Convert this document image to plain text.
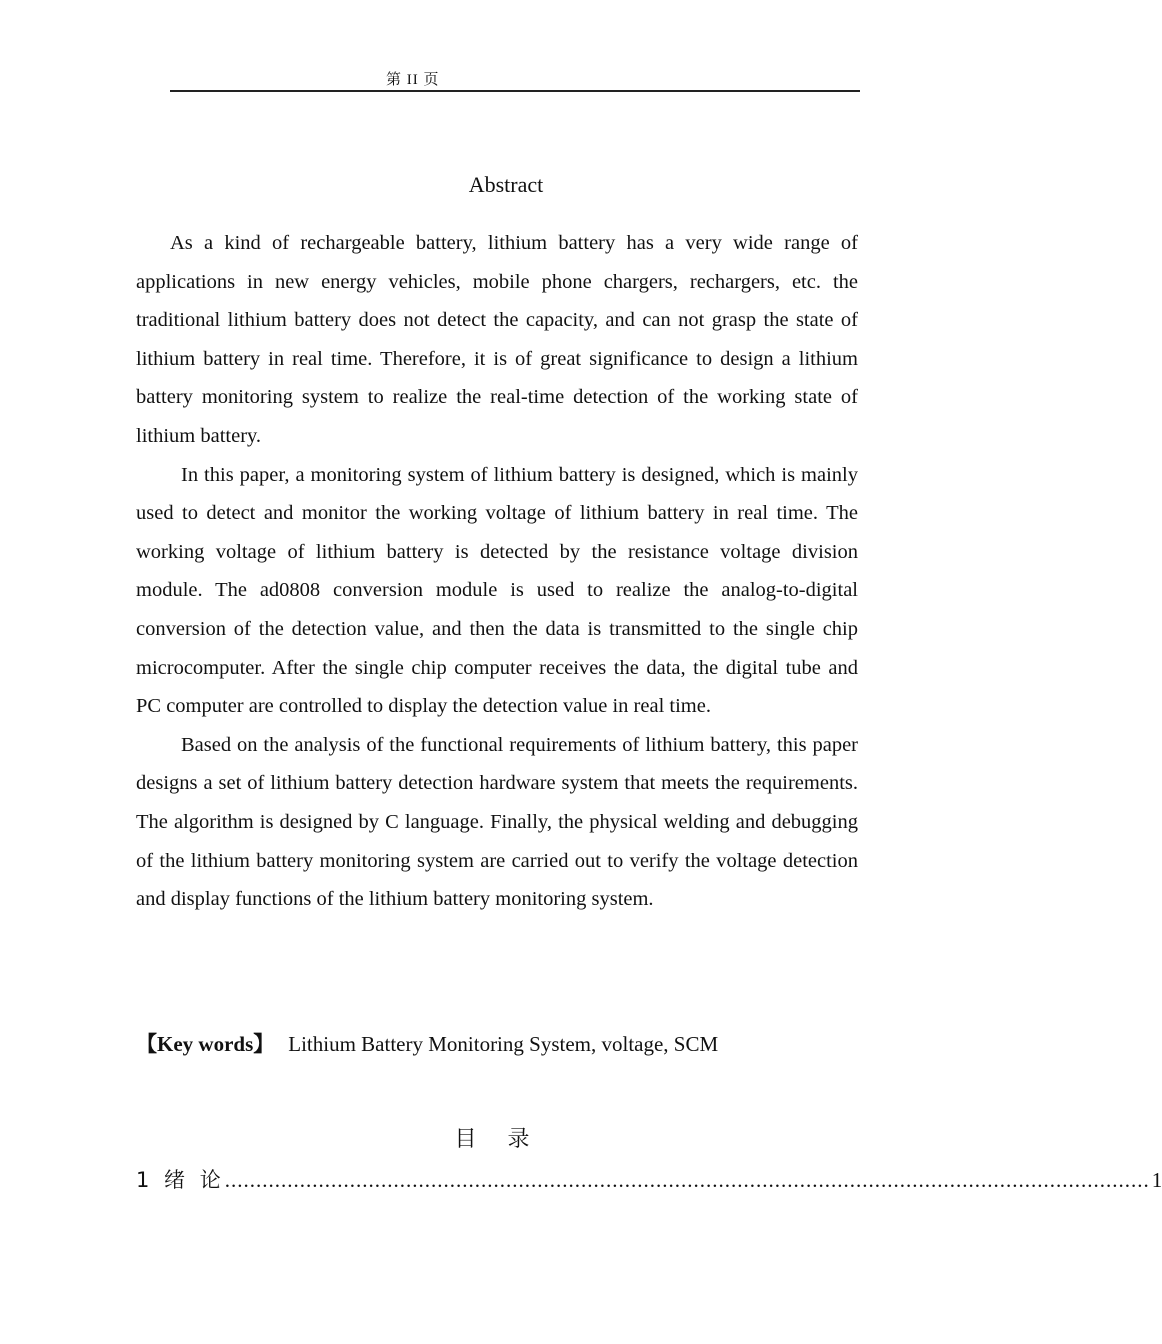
第 II 页
Abstract

As a kind of rechargeable battery, lithium battery has a very wide range of applications in new energy vehicles, mobile phone chargers, rechargers, etc. the traditional lithium battery does not detect the capacity, and can not grasp the state of lithium battery in real time. Therefore, it is of great significance to design a lithium battery monitoring system to realize the real-time detection of the working state of lithium battery.

In this paper, a monitoring system of lithium battery is designed, which is mainly used to detect and monitor the working voltage of lithium battery in real time. The working voltage of lithium battery is detected by the resistance voltage division module. The ad0808 conversion module is used to realize the analog-to-digital conversion of the detection value, and then the data is transmitted to the single chip microcomputer. After the single chip computer receives the data, the digital tube and PC computer are controlled to display the detection value in real time.

Based on the analysis of the functional requirements of lithium battery, this paper designs a set of lithium battery detection hardware system that meets the requirements. The algorithm is designed by C language. Finally, the physical welding and debugging of the lithium battery monitoring system are carried out to verify the voltage detection and display functions of the lithium battery monitoring system.

【Key words】 Lithium Battery Monitoring System, voltage, SCM
目 录
1 绪 论 .................................................................................................................................................... 1
